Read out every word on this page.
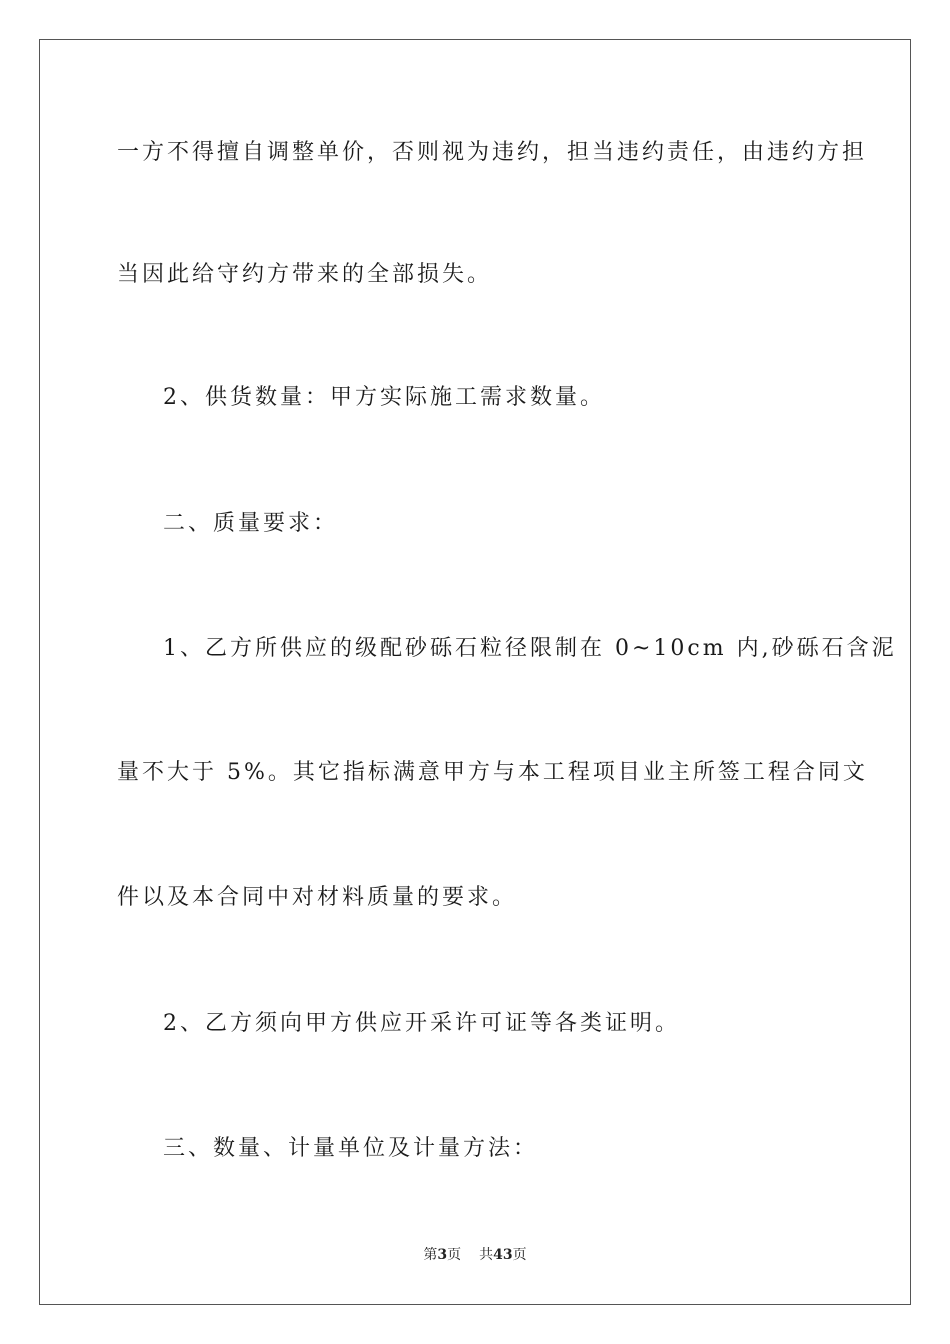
一方不得擅自调整单价，否则视为违约，担当违约责任，由违约方担
当因此给守约方带来的全部损失。
2、供货数量：甲方实际施工需求数量。
二、质量要求：
1、乙方所供应的级配砂砾石粒径限制在 0~10cm 内,砂砾石含泥
量不大于 5%。其它指标满意甲方与本工程项目业主所签工程合同文
件以及本合同中对材料质量的要求。
2、乙方须向甲方供应开采许可证等各类证明。
三、数量、计量单位及计量方法：
第3页 共43页
